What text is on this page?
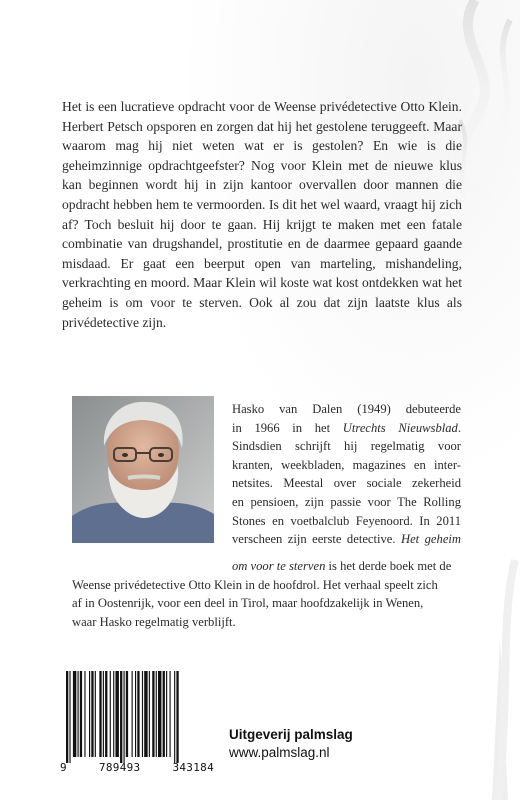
Het is een lucratieve opdracht voor de Weense privédetective Otto Klein. Herbert Petsch opsporen en zorgen dat hij het gestolene teruggeeft. Maar waarom mag hij niet weten wat er is gestolen? En wie is die geheimzinnige opdrachtgeefster? Nog voor Klein met de nieuwe klus kan beginnen wordt hij in zijn kantoor overvallen door mannen die opdracht hebben hem te vermoorden. Is dit het wel waard, vraagt hij zich af? Toch besluit hij door te gaan. Hij krijgt te maken met een fatale combinatie van drugshandel, prostitutie en de daarmee gepaard gaande misdaad. Er gaat een beerput open van marteling, mishandeling, verkrachting en moord. Maar Klein wil koste wat kost ontdekken wat het geheim is om voor te sterven. Ook al zou dat zijn laatste klus als privédetective zijn.

Hasko van Dalen (1949) debuteerde
in 1966 in het Utrechts Nieuwsblad.
Sindsdien schrijft hij regelmatig voor
kranten, weekbladen, magazines en inter-
netsites. Meestal over sociale zekerheid
en pensioen, zijn passie voor The Rolling
Stones en voetbalclub Feyenoord. In 2011
verscheen zijn eerste detective. Het geheim
om voor te sterven is het derde boek met de
Weense privédetective Otto Klein in de hoofdrol. Het verhaal speelt zich
af in Oostenrijk, voor een deel in Tirol, maar hoofdzakelijk in Wenen,
waar Hasko regelmatig verblijft.
9	789493	343184
Uitgeverij palmslag
www.palmslag.nl
